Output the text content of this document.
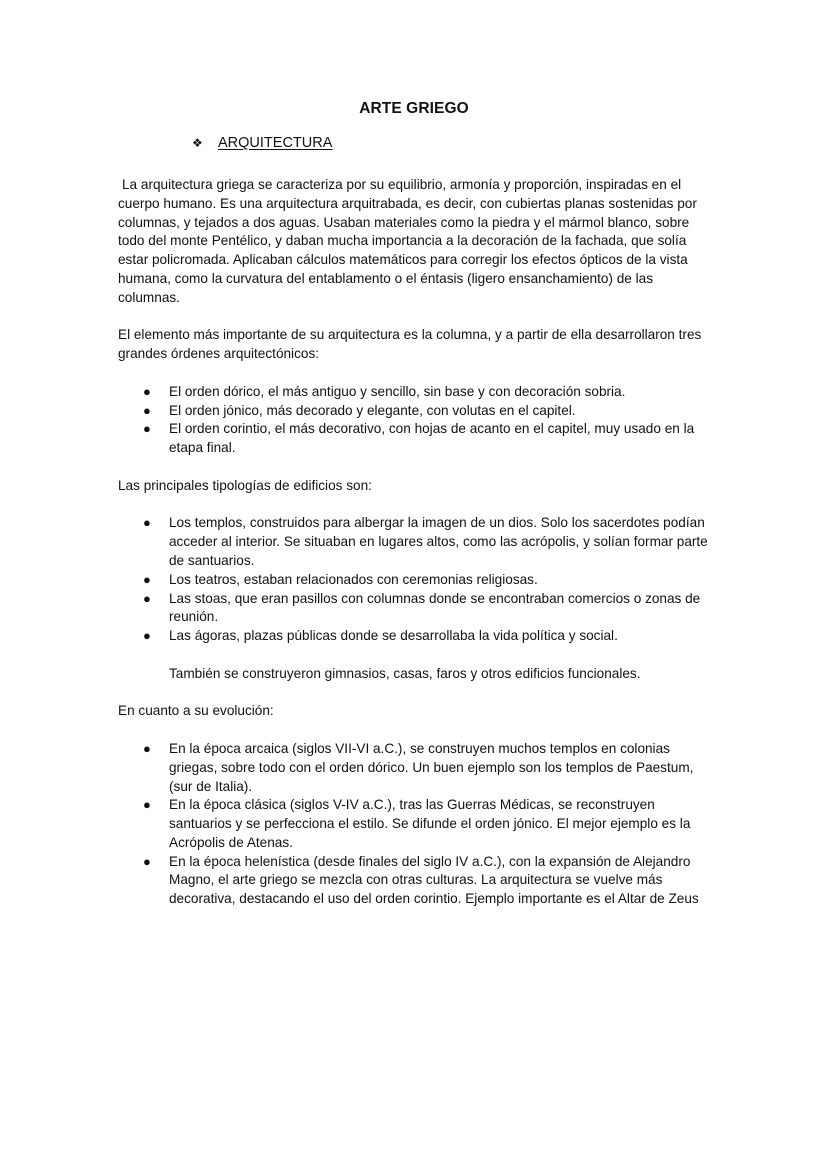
ARTE GRIEGO
❖	ARQUITECTURA

La arquitectura griega se caracteriza por su equilibrio, armonía y proporción, inspiradas en el cuerpo humano. Es una arquitectura arquitrabada, es decir, con cubiertas planas sostenidas por columnas, y tejados a dos aguas. Usaban materiales como la piedra y el mármol blanco, sobre todo del monte Pentélico, y daban mucha importancia a la decoración de la fachada, que solía estar policromada. Aplicaban cálculos matemáticos para corregir los efectos ópticos de la vista humana, como la curvatura del entablamento o el éntasis (ligero ensanchamiento) de las columnas.

El elemento más importante de su arquitectura es la columna, y a partir de ella desarrollaron tres grandes órdenes arquitectónicos:

● El orden dórico, el más antiguo y sencillo, sin base y con decoración sobria.
● El orden jónico, más decorado y elegante, con volutas en el capitel.
● El orden corintio, el más decorativo, con hojas de acanto en el capitel, muy usado en la etapa final.

Las principales tipologías de edificios son:

● Los templos, construidos para albergar la imagen de un dios. Solo los sacerdotes podían acceder al interior. Se situaban en lugares altos, como las acrópolis, y solían formar parte de santuarios.
● Los teatros, estaban relacionados con ceremonias religiosas.
● Las stoas, que eran pasillos con columnas donde se encontraban comercios o zonas de reunión.
● Las ágoras, plazas públicas donde se desarrollaba la vida política y social.

También se construyeron gimnasios, casas, faros y otros edificios funcionales.

En cuanto a su evolución:

● En la época arcaica (siglos VII-VI a.C.), se construyen muchos templos en colonias griegas, sobre todo con el orden dórico. Un buen ejemplo son los templos de Paestum, (sur de Italia).
● En la época clásica (siglos V-IV a.C.), tras las Guerras Médicas, se reconstruyen santuarios y se perfecciona el estilo. Se difunde el orden jónico. El mejor ejemplo es la Acrópolis de Atenas.
● En la época helenística (desde finales del siglo IV a.C.), con la expansión de Alejandro Magno, el arte griego se mezcla con otras culturas. La arquitectura se vuelve más decorativa, destacando el uso del orden corintio. Ejemplo importante es el Altar de Zeus
